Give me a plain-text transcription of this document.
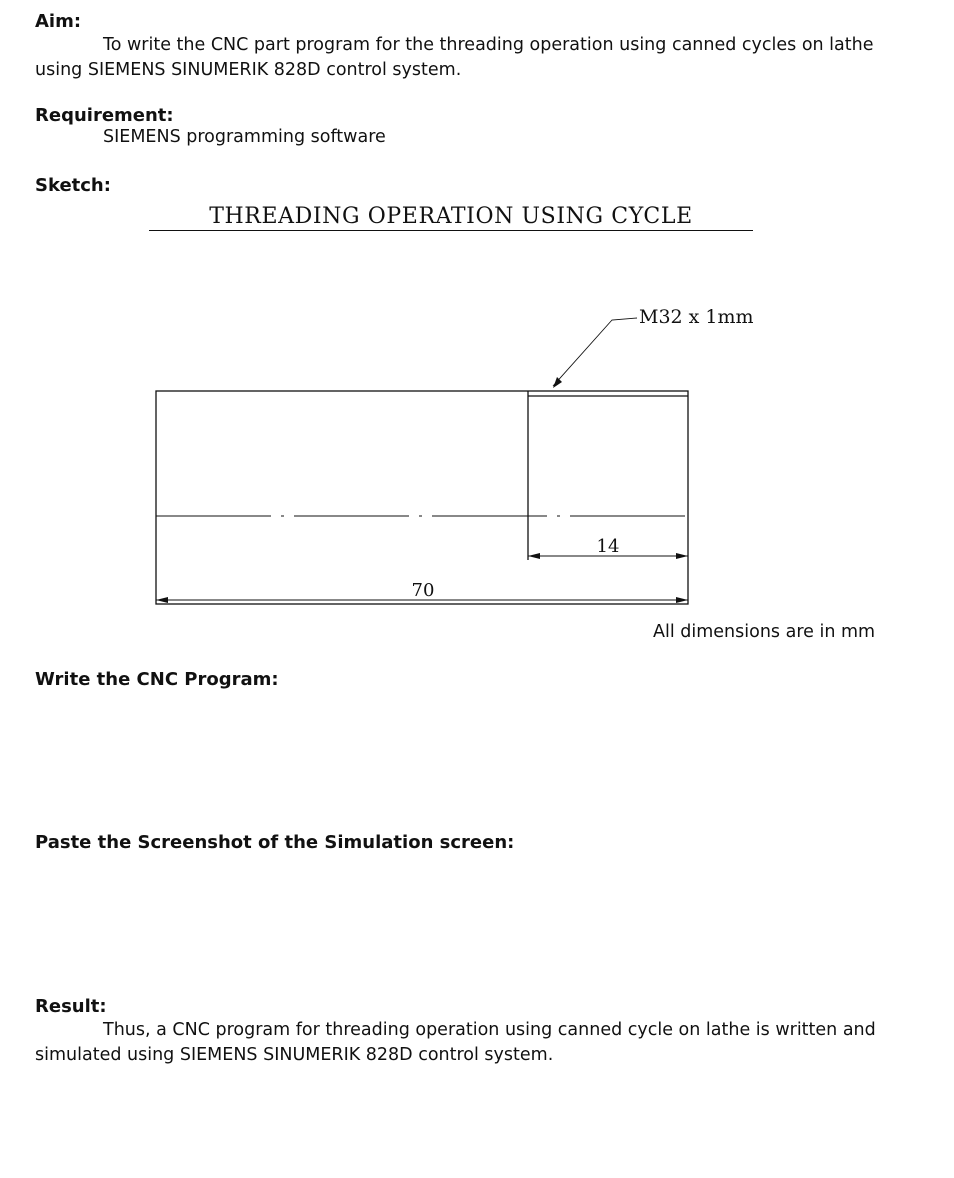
Aim:

To write the CNC part program for the threading operation using canned cycles on lathe using SIEMENS SINUMERIK 828D control system.

Requirement:

SIEMENS programming software

Sketch:
THREADING OPERATION USING CYCLE
14
70
M32 x 1mm
All dimensions are in mm
Write the CNC Program:
Paste the Screenshot of the Simulation screen:
Result:

Thus, a CNC program for threading operation using canned cycle on lathe is written and simulated using SIEMENS SINUMERIK 828D control system.
